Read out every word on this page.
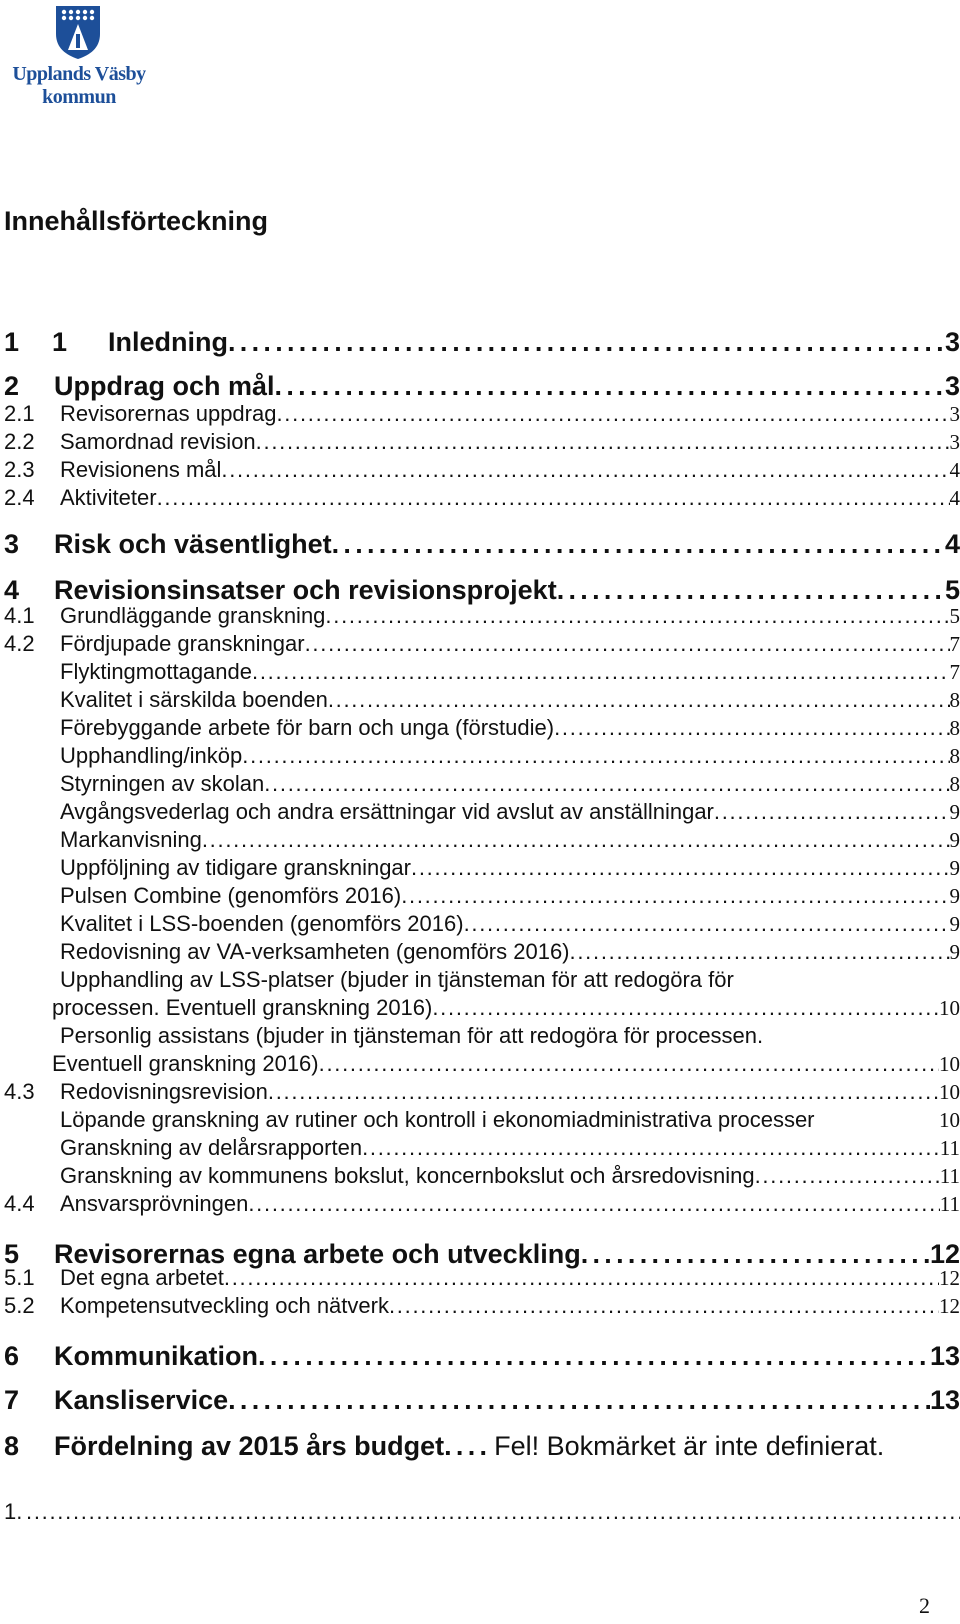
Upplands Väsby
kommun
Innehållsförteckning
1 1 Inledning . . .	3
2 Uppdrag och mål . . .	3
2.1 Revisorernas uppdrag . . .	3
2.2 Samordnad revision . . .	3
2.3 Revisionens mål . . .	4
2.4 Aktiviteter . . .	4
3 Risk och väsentlighet . . .	4
4 Revisionsinsatser och revisionsprojekt . . .	5
4.1 Grundläggande granskning . . .	5
4.2 Fördjupade granskningar . . .	7
Flyktingmottagande . . .	7
Kvalitet i särskilda boenden . . .	8
Förebyggande arbete för barn och unga (förstudie) . . .	8
Upphandling/inköp . . .	8
Styrningen av skolan . . .	8
Avgångsvederlag och andra ersättningar vid avslut av anställningar . . .	9
Markanvisning . . .	9
Uppföljning av tidigare granskningar . . .	9
Pulsen Combine (genomförs 2016) . . .	9
Kvalitet i LSS-boenden (genomförs 2016) . . .	9
Redovisning av VA-verksamheten (genomförs 2016) . . .	9
Upphandling av LSS-platser (bjuder in tjänsteman för att redogöra för
processen. Eventuell granskning 2016) . . .	10
Personlig assistans (bjuder in tjänsteman för att redogöra för processen.
Eventuell granskning 2016) . . .	10
4.3 Redovisningsrevision . . .	10
Löpande granskning av rutiner och kontroll i ekonomiadministrativa processer	10
Granskning av delårsrapporten . . .	11
Granskning av kommunens bokslut, koncernbokslut och årsredovisning . . .	11
4.4 Ansvarsprövningen . . .	11
5 Revisorernas egna arbete och utveckling . . .	12
5.1 Det egna arbetet . . .	12
5.2 Kompetensutveckling och nätverk . . .	12
6 Kommunikation . . .	13
7 Kansliservice . . .	13
8 Fördelning av 2015 års budget . . . Fel! Bokmärket är inte definierat.
1.
. . .
2
